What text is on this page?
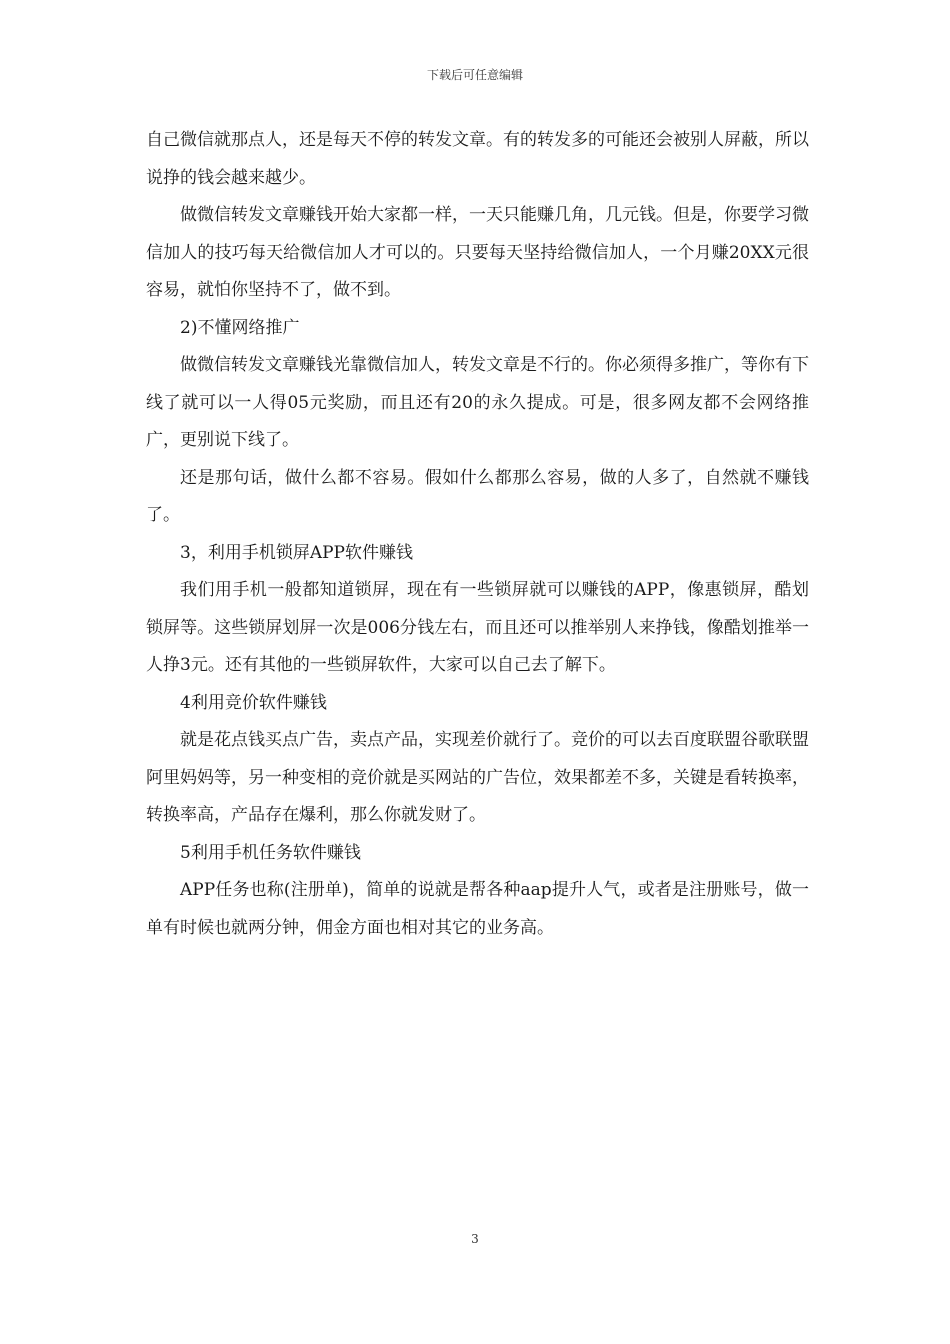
下载后可任意编辑

自己微信就那点人，还是每天不停的转发文章。有的转发多的可能还会被别人屏蔽，所以说挣的钱会越来越少。

做微信转发文章赚钱开始大家都一样，一天只能赚几角，几元钱。但是，你要学习微信加人的技巧每天给微信加人才可以的。只要每天坚持给微信加人，一个月赚20XX元很容易，就怕你坚持不了，做不到。

2)不懂网络推广

做微信转发文章赚钱光靠微信加人，转发文章是不行的。你必须得多推广，等你有下线了就可以一人得05元奖励，而且还有20的永久提成。可是，很多网友都不会网络推广，更别说下线了。

还是那句话，做什么都不容易。假如什么都那么容易，做的人多了，自然就不赚钱了。

3，利用手机锁屏APP软件赚钱

我们用手机一般都知道锁屏，现在有一些锁屏就可以赚钱的APP，像惠锁屏，酷划锁屏等。这些锁屏划屏一次是006分钱左右，而且还可以推举别人来挣钱，像酷划推举一人挣3元。还有其他的一些锁屏软件，大家可以自己去了解下。

4利用竞价软件赚钱

就是花点钱买点广告，卖点产品，实现差价就行了。竞价的可以去百度联盟谷歌联盟阿里妈妈等，另一种变相的竞价就是买网站的广告位，效果都差不多，关键是看转换率，转换率高，产品存在爆利，那么你就发财了。

5利用手机任务软件赚钱

APP任务也称(注册单)，简单的说就是帮各种aap提升人气，或者是注册账号，做一单有时候也就两分钟，佣金方面也相对其它的业务高。

3
